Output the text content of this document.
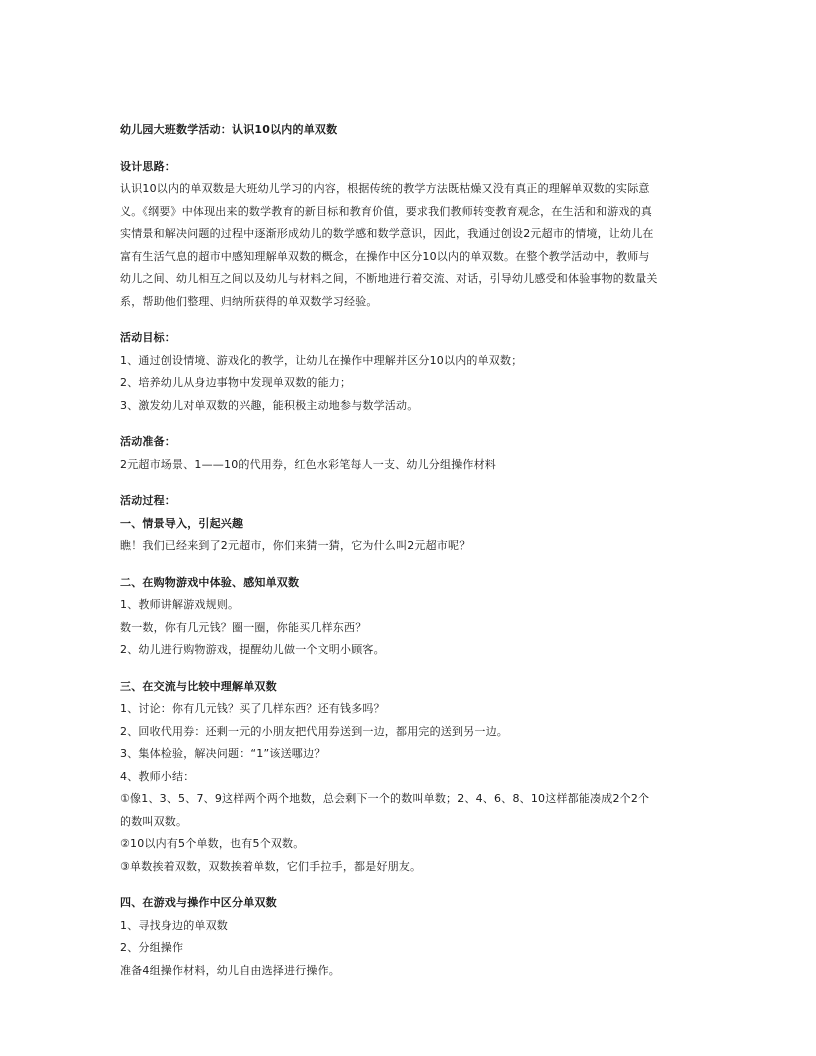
幼儿园大班数学活动：认识10以内的单双数
设计思路：
认识10以内的单双数是大班幼儿学习的内容，根据传统的教学方法既枯燥又没有真正的理解单双数的实际意
义。《纲要》中体现出来的数学教育的新目标和教育价值，要求我们教师转变教育观念，在生活和和游戏的真
实情景和解决问题的过程中逐渐形成幼儿的数学感和数学意识，因此，我通过创设2元超市的情境，让幼儿在
富有生活气息的超市中感知理解单双数的概念，在操作中区分10以内的单双数。在整个教学活动中，教师与
幼儿之间、幼儿相互之间以及幼儿与材料之间，不断地进行着交流、对话，引导幼儿感受和体验事物的数量关
系，帮助他们整理、归纳所获得的单双数学习经验。
活动目标：
1、通过创设情境、游戏化的教学，让幼儿在操作中理解并区分10以内的单双数；
2、培养幼儿从身边事物中发现单双数的能力；
3、激发幼儿对单双数的兴趣，能积极主动地参与数学活动。
活动准备：
2元超市场景、1——10的代用券，红色水彩笔每人一支、幼儿分组操作材料
活动过程：
一、情景导入，引起兴趣
瞧！我们已经来到了2元超市，你们来猜一猜，它为什么叫2元超市呢？
二、在购物游戏中体验、感知单双数
1、教师讲解游戏规则。
数一数，你有几元钱？圈一圈，你能买几样东西？
2、幼儿进行购物游戏，提醒幼儿做一个文明小顾客。
三、在交流与比较中理解单双数
1、讨论：你有几元钱？买了几样东西？还有钱多吗？
2、回收代用券：还剩一元的小朋友把代用券送到一边，都用完的送到另一边。
3、集体检验，解决问题：“1”该送哪边？
4、教师小结：
①像1、3、5、7、9这样两个两个地数，总会剩下一个的数叫单数；2、4、6、8、10这样都能凑成2个2个
的数叫双数。
②10以内有5个单数，也有5个双数。
③单数挨着双数，双数挨着单数，它们手拉手，都是好朋友。
四、在游戏与操作中区分单双数
1、寻找身边的单双数
2、分组操作
准备4组操作材料，幼儿自由选择进行操作。
